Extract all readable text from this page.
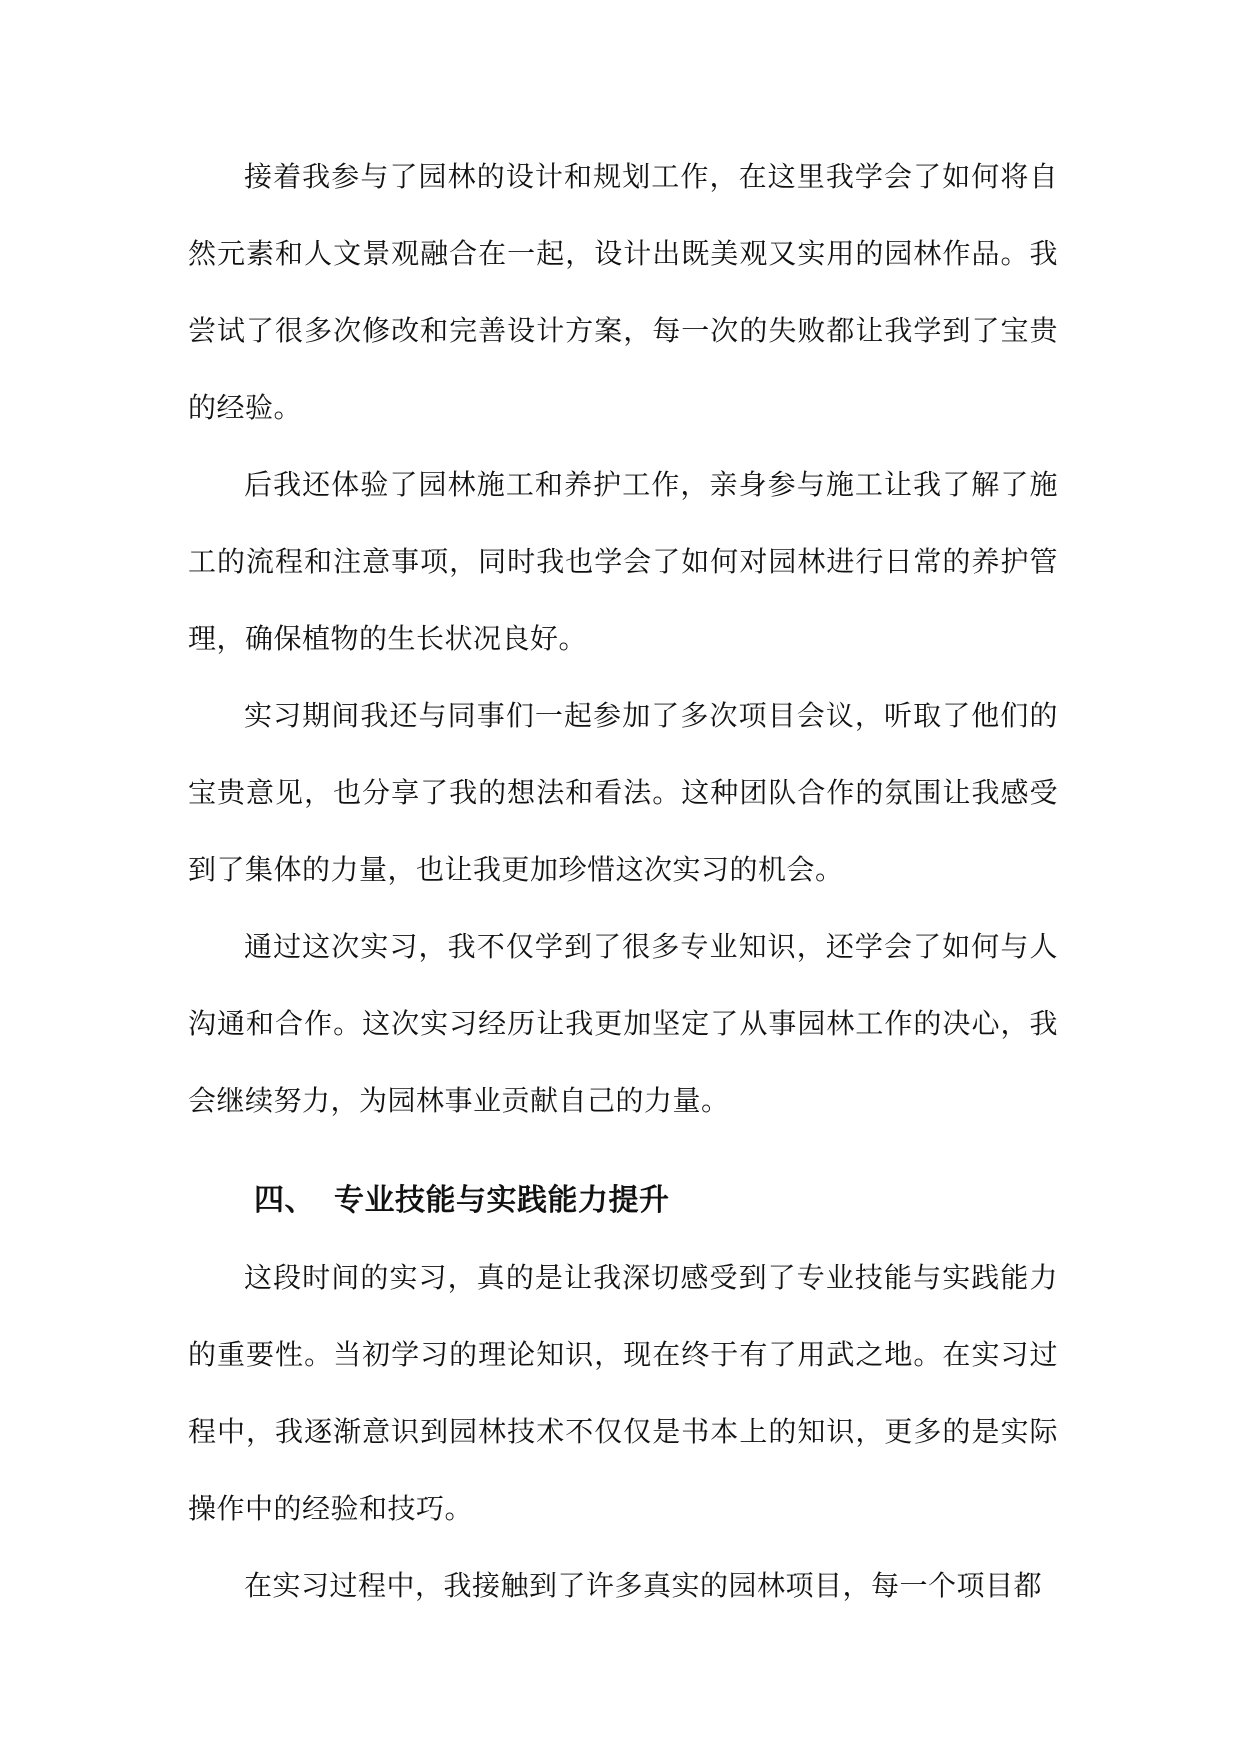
接着我参与了园林的设计和规划工作，在这里我学会了如何将自然元素和人文景观融合在一起，设计出既美观又实用的园林作品。我尝试了很多次修改和完善设计方案，每一次的失败都让我学到了宝贵的经验。

后我还体验了园林施工和养护工作，亲身参与施工让我了解了施工的流程和注意事项，同时我也学会了如何对园林进行日常的养护管理，确保植物的生长状况良好。

实习期间我还与同事们一起参加了多次项目会议，听取了他们的宝贵意见，也分享了我的想法和看法。这种团队合作的氛围让我感受到了集体的力量，也让我更加珍惜这次实习的机会。

通过这次实习，我不仅学到了很多专业知识，还学会了如何与人沟通和合作。这次实习经历让我更加坚定了从事园林工作的决心，我会继续努力，为园林事业贡献自己的力量。

四、 专业技能与实践能力提升

这段时间的实习，真的是让我深切感受到了专业技能与实践能力的重要性。当初学习的理论知识，现在终于有了用武之地。在实习过程中，我逐渐意识到园林技术不仅仅是书本上的知识，更多的是实际操作中的经验和技巧。

在实习过程中，我接触到了许多真实的园林项目，每一个项目都
